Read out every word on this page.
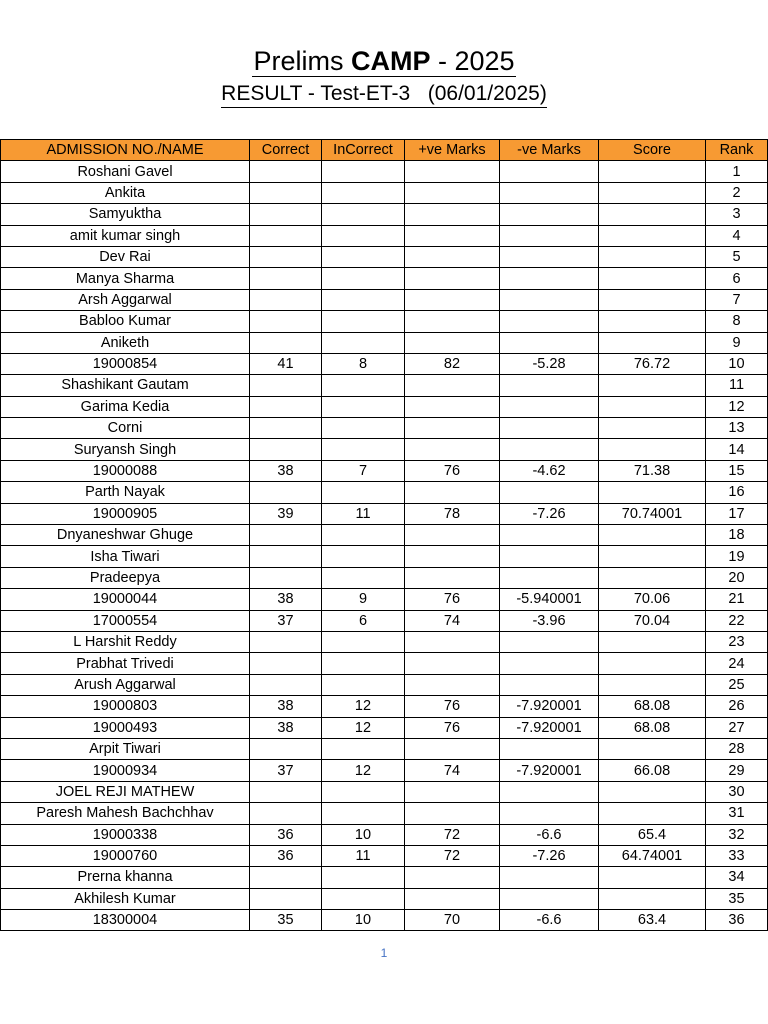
Prelims CAMP - 2025
RESULT - Test-ET-3   (06/01/2025)
ADMISSION NO./NAME	Correct	InCorrect	+ve Marks	-ve Marks	Score	Rank
Roshani Gavel						1
Ankita						2
Samyuktha						3
amit kumar singh						4
Dev Rai						5
Manya Sharma						6
Arsh Aggarwal						7
Babloo Kumar						8
Aniketh						9
19000854	41	8	82	-5.28	76.72	10
Shashikant Gautam						11
Garima Kedia						12
Corni						13
Suryansh Singh						14
19000088	38	7	76	-4.62	71.38	15
Parth Nayak						16
19000905	39	11	78	-7.26	70.74001	17
Dnyaneshwar Ghuge						18
Isha Tiwari						19
Pradeepya						20
19000044	38	9	76	-5.940001	70.06	21
17000554	37	6	74	-3.96	70.04	22
L Harshit Reddy						23
Prabhat Trivedi						24
Arush Aggarwal						25
19000803	38	12	76	-7.920001	68.08	26
19000493	38	12	76	-7.920001	68.08	27
Arpit Tiwari						28
19000934	37	12	74	-7.920001	66.08	29
JOEL REJI MATHEW						30
Paresh Mahesh Bachchhav						31
19000338	36	10	72	-6.6	65.4	32
19000760	36	11	72	-7.26	64.74001	33
Prerna khanna						34
Akhilesh Kumar						35
18300004	35	10	70	-6.6	63.4	36
1
